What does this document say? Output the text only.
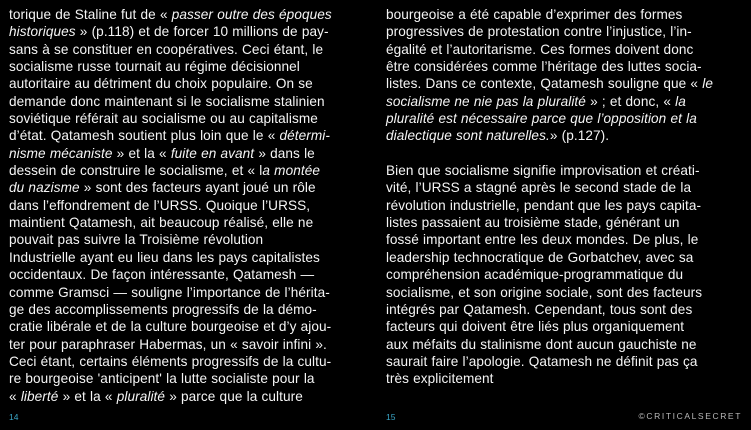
torique de Staline fut de « passer outre des époques

historiques » (p.118) et de forcer 10 millions de pay-

sans à se constituer en coopératives. Ceci étant, le

socialisme russe tournait au régime décisionnel

autoritaire au détriment du choix populaire. On se

demande donc maintenant si le socialisme stalinien

soviétique référait au socialisme ou au capitalisme

d’état. Qatamesh soutient plus loin que le « détermi-

nisme mécaniste » et la « fuite en avant » dans le

dessein de construire le socialisme, et « la montée

du nazisme » sont des facteurs ayant joué un rôle

dans l’effondrement de l’URSS. Quoique l’URSS,

maintient Qatamesh, ait beaucoup réalisé, elle ne

pouvait pas suivre la Troisième révolution

Industrielle ayant eu lieu dans les pays capitalistes

occidentaux. De façon intéressante, Qatamesh —

comme Gramsci — souligne l’importance de l’hérita-

ge des accomplissements progressifs de la démo-

cratie libérale et de la culture bourgeoise et d’y ajou-

ter pour paraphraser Habermas, un « savoir infini ».

Ceci étant, certains éléments progressifs de la cultu-

re bourgeoise 'anticipent' la lutte socialiste pour la

« liberté » et la « pluralité » parce que la culture

bourgeoise a été capable d’exprimer des formes

progressives de protestation contre l’injustice, l’in-

égalité et l’autoritarisme. Ces formes doivent donc

être considérées comme l’héritage des luttes socia-

listes. Dans ce contexte, Qatamesh souligne que « le

socialisme ne nie pas la pluralité » ; et donc, « la

pluralité est nécessaire parce que l’opposition et la

dialectique sont naturelles.» (p.127).

Bien que socialisme signifie improvisation et créati-

vité, l’URSS a stagné après le second stade de la

révolution industrielle, pendant que les pays capita-

listes passaient au troisième stade, générant un

fossé important entre les deux mondes. De plus, le

leadership technocratique de Gorbatchev, avec sa

compréhension académique-programmatique du

socialisme, et son origine sociale, sont des facteurs

intégrés par Qatamesh. Cependant, tous sont des

facteurs qui doivent être liés plus organiquement

aux méfaits du stalinisme dont aucun gauchiste ne

saurait faire l’apologie. Qatamesh ne définit pas ça

très explicitement

14	15	©CRITICALSECRET
